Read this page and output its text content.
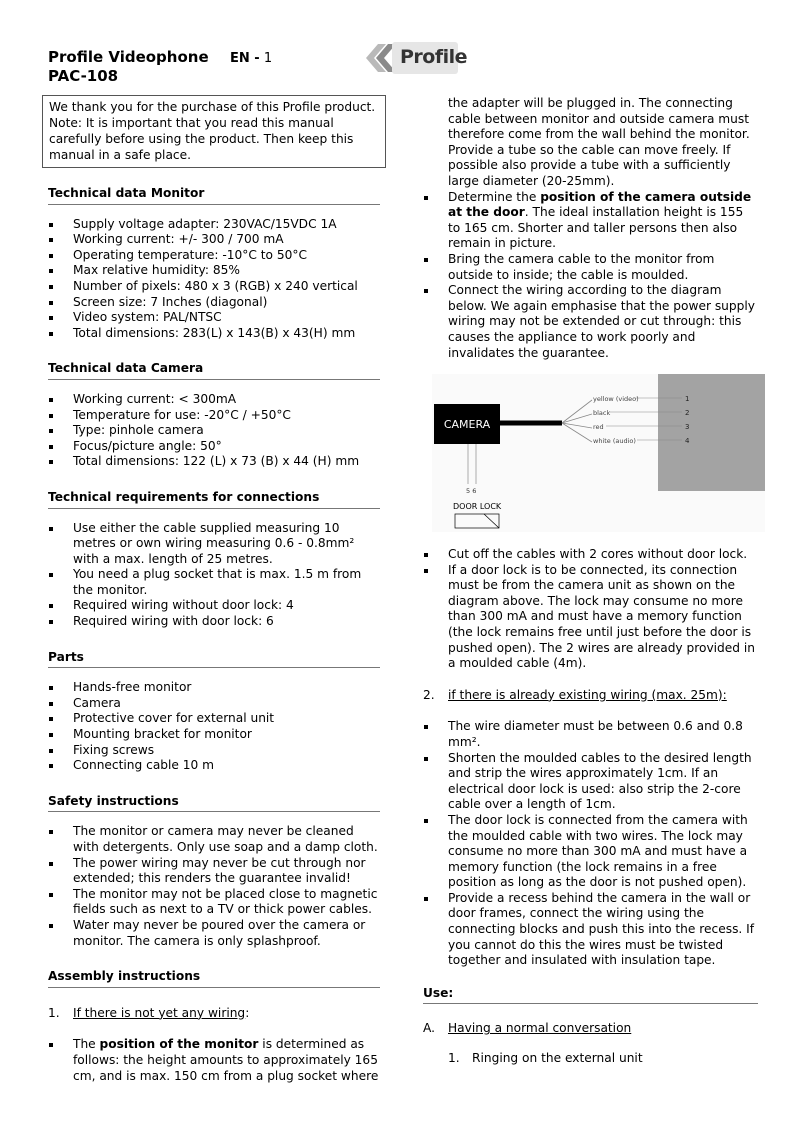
Profile Videophone
PAC-108
EN - 1	Profile
We thank you for the purchase of this Profile product. Note: It is important that you read this manual carefully before using the product. Then keep this manual in a safe place.
Technical data Monitor
Supply voltage adapter: 230VAC/15VDC 1A
Working current: +/- 300 / 700 mA
Operating temperature: -10°C to 50°C
Max relative humidity: 85%
Number of pixels: 480 x 3 (RGB) x 240 vertical
Screen size: 7 Inches (diagonal)
Video system: PAL/NTSC
Total dimensions: 283(L) x 143(B) x 43(H) mm
Technical data Camera
Working current: < 300mA
Temperature for use: -20°C / +50°C
Type: pinhole camera
Focus/picture angle: 50°
Total dimensions: 122 (L) x 73 (B) x 44 (H) mm
Technical requirements for connections
Use either the cable supplied measuring 10 metres or own wiring measuring 0.6 - 0.8mm² with a max. length of 25 metres.
You need a plug socket that is max. 1.5 m from the monitor.
Required wiring without door lock: 4
Required wiring with door lock: 6
Parts
Hands-free monitor
Camera
Protective cover for external unit
Mounting bracket for monitor
Fixing screws
Connecting cable 10 m
Safety instructions
The monitor or camera may never be cleaned with detergents. Only use soap and a damp cloth.
The power wiring may never be cut through nor extended; this renders the guarantee invalid!
The monitor may not be placed close to magnetic fields such as next to a TV or thick power cables.
Water may never be poured over the camera or monitor. The camera is only splashproof.
Assembly instructions
1. If there is not yet any wiring:
The position of the monitor is determined as follows: the height amounts to approximately 165 cm, and is max. 150 cm from a plug socket where
the adapter will be plugged in. The connecting cable between monitor and outside camera must therefore come from the wall behind the monitor. Provide a tube so the cable can move freely. If possible also provide a tube with a sufficiently large diameter (20-25mm).
Determine the position of the camera outside at the door. The ideal installation height is 155 to 165 cm. Shorter and taller persons then also remain in picture.
Bring the camera cable to the monitor from outside to inside; the cable is moulded.
Connect the wiring according to the diagram below. We again emphasise that the power supply wiring may not be extended or cut through: this causes the appliance to work poorly and invalidates the guarantee.
CAMERA
yellow (video)
black
red
white (audio)
1
2
3
4
5 6
DOOR LOCK
Cut off the cables with 2 cores without door lock.
If a door lock is to be connected, its connection must be from the camera unit as shown on the diagram above. The lock may consume no more than 300 mA and must have a memory function (the lock remains free until just before the door is pushed open). The 2 wires are already provided in a moulded cable (4m).
2. if there is already existing wiring (max. 25m):
The wire diameter must be between 0.6 and 0.8 mm².
Shorten the moulded cables to the desired length and strip the wires approximately 1cm. If an electrical door lock is used: also strip the 2-core cable over a length of 1cm.
The door lock is connected from the camera with the moulded cable with two wires. The lock may consume no more than 300 mA and must have a memory function (the lock remains in a free position as long as the door is not pushed open).
Provide a recess behind the camera in the wall or door frames, connect the wiring using the connecting blocks and push this into the recess. If you cannot do this the wires must be twisted together and insulated with insulation tape.
Use:
A. Having a normal conversation
1. Ringing on the external unit
